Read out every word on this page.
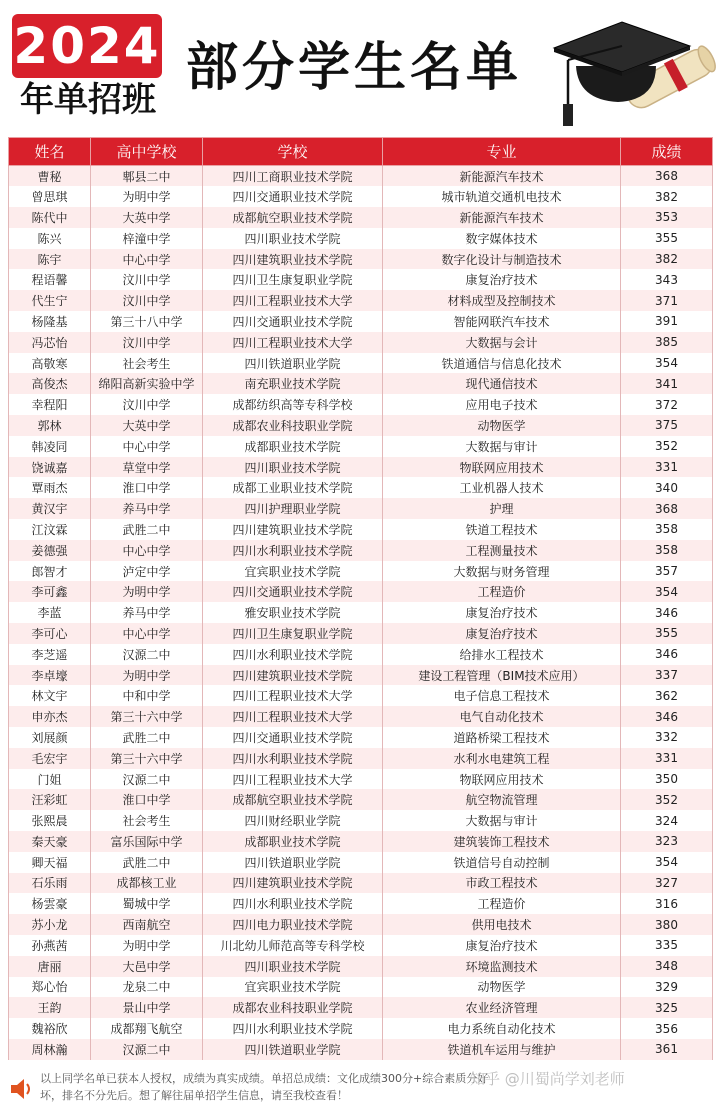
2024
年单招班
部分学生名单
姓名	高中学校	学校	专业	成绩
曹秘	郫县二中	四川工商职业技术学院	新能源汽车技术	368
曾思琪	为明中学	四川交通职业技术学院	城市轨道交通机电技术	382
陈代中	大英中学	成都航空职业技术学院	新能源汽车技术	353
陈兴	梓潼中学	四川职业技术学院	数字媒体技术	355
陈宇	中心中学	四川建筑职业技术学院	数字化设计与制造技术	382
程语馨	汶川中学	四川卫生康复职业学院	康复治疗技术	343
代生宁	汶川中学	四川工程职业技术大学	材料成型及控制技术	371
杨隆基	第三十八中学	四川交通职业技术学院	智能网联汽车技术	391
冯芯怡	汶川中学	四川工程职业技术大学	大数据与会计	385
高敬寒	社会考生	四川铁道职业学院	铁道通信与信息化技术	354
高俊杰	绵阳高新实验中学	南充职业技术学院	现代通信技术	341
幸程阳	汶川中学	成都纺织高等专科学校	应用电子技术	372
郭林	大英中学	成都农业科技职业学院	动物医学	375
韩凌同	中心中学	成都职业技术学院	大数据与审计	352
饶诚嘉	草堂中学	四川职业技术学院	物联网应用技术	331
覃雨杰	淮口中学	成都工业职业技术学院	工业机器人技术	340
黄汉宇	养马中学	四川护理职业学院	护理	368
江汶霖	武胜二中	四川建筑职业技术学院	铁道工程技术	358
姜德强	中心中学	四川水利职业技术学院	工程测量技术	358
郎智才	泸定中学	宜宾职业技术学院	大数据与财务管理	357
李可鑫	为明中学	四川交通职业技术学院	工程造价	354
李蓝	养马中学	雅安职业技术学院	康复治疗技术	346
李可心	中心中学	四川卫生康复职业学院	康复治疗技术	355
李芝遥	汉源二中	四川水利职业技术学院	给排水工程技术	346
李卓壕	为明中学	四川建筑职业技术学院	建设工程管理（BIM技术应用）	337
林文宇	中和中学	四川工程职业技术大学	电子信息工程技术	362
申亦杰	第三十六中学	四川工程职业技术大学	电气自动化技术	346
刘展颜	武胜二中	四川交通职业技术学院	道路桥梁工程技术	332
毛宏宇	第三十六中学	四川水利职业技术学院	水利水电建筑工程	331
门姐	汉源二中	四川工程职业技术大学	物联网应用技术	350
汪彩虹	淮口中学	成都航空职业技术学院	航空物流管理	352
张熙晨	社会考生	四川财经职业学院	大数据与审计	324
秦天豪	富乐国际中学	成都职业技术学院	建筑装饰工程技术	323
卿天福	武胜二中	四川铁道职业学院	铁道信号自动控制	354
石乐雨	成都核工业	四川建筑职业技术学院	市政工程技术	327
杨雲豪	蜀城中学	四川水利职业技术学院	工程造价	316
苏小龙	西南航空	四川电力职业技术学院	供用电技术	380
孙燕茜	为明中学	川北幼儿师范高等专科学校	康复治疗技术	335
唐丽	大邑中学	四川职业技术学院	环境监测技术	348
郑心怡	龙泉二中	宜宾职业技术学院	动物医学	329
王韵	景山中学	成都农业科技职业学院	农业经济管理	325
魏裕欣	成都翔飞航空	四川水利职业技术学院	电力系统自动化技术	356
周林瀚	汉源二中	四川铁道职业学院	铁道机车运用与维护	361
以上同学名单已获本人授权，成绩为真实成绩。单招总成绩：文化成绩300分+综合素质分好坏，排名不分先后。想了解往届单招学生信息，请至我校查看！
知乎 @川蜀尚学刘老师
